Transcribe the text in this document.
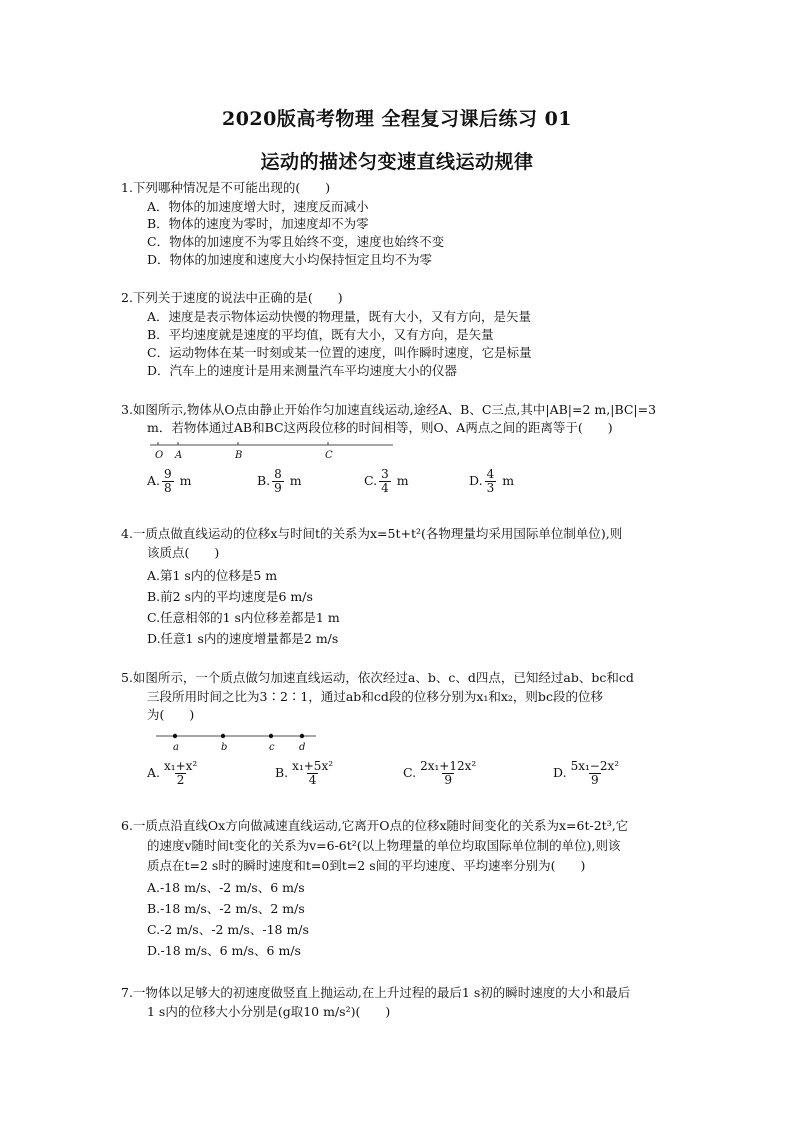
2020版高考物理 全程复习课后练习 01
运动的描述匀变速直线运动规律
1.下列哪种情况是不可能出现的(　　)
A．物体的加速度增大时，速度反而减小
B．物体的速度为零时，加速度却不为零
C．物体的加速度不为零且始终不变，速度也始终不变
D．物体的加速度和速度大小均保持恒定且均不为零
2.下列关于速度的说法中正确的是(　　)
A．速度是表示物体运动快慢的物理量，既有大小，又有方向，是矢量
B．平均速度就是速度的平均值，既有大小，又有方向，是矢量
C．运动物体在某一时刻或某一位置的速度，叫作瞬时速度，它是标量
D．汽车上的速度计是用来测量汽车平均速度大小的仪器
3.如图所示,物体从O点由静止开始作匀加速直线运动,途经A、B、C三点,其中|AB|=2 m,|BC|=3
m．若物体通过AB和BC这两段位移的时间相等，则O、A两点之间的距离等于(　　)
O A	B	C
A. $\frac{9}{8}$ m	B. $\frac{8}{9}$ m	C. $\frac{3}{4}$ m	D. $\frac{4}{3}$ m
4.一质点做直线运动的位移x与时间t的关系为x=5t+t²(各物理量均采用国际单位制单位),则
该质点(　　)
A.第1 s内的位移是5 m
B.前2 s内的平均速度是6 m/s
C.任意相邻的1 s内位移差都是1 m
D.任意1 s内的速度增量都是2 m/s
5.如图所示，一个质点做匀加速直线运动，依次经过a、b、c、d四点，已知经过ab、bc和cd
三段所用时间之比为3∶2∶1，通过ab和cd段的位移分别为x₁和x₂，则bc段的位移
为(　　)
a	b	c d
A. $\frac{\text{x₁+x²}}{2}$	B. $\frac{\text{x₁+5x²}}{4}$	C. $\frac{\text{2x₁+12x²}}{9}$	D. $\frac{\text{5x₁−2x²}}{9}$
6.一质点沿直线Ox方向做减速直线运动,它离开O点的位移x随时间变化的关系为x=6t-2t³,它
的速度v随时间t变化的关系为v=6-6t²(以上物理量的单位均取国际单位制的单位),则该
质点在t=2 s时的瞬时速度和t=0到t=2 s间的平均速度、平均速率分别为(　　)
A.-18 m/s、-2 m/s、6 m/s
B.-18 m/s、-2 m/s、2 m/s
C.-2 m/s、-2 m/s、-18 m/s
D.-18 m/s、6 m/s、6 m/s
7.一物体以足够大的初速度做竖直上抛运动,在上升过程的最后1 s初的瞬时速度的大小和最后
1 s内的位移大小分别是(g取10 m/s²)(　　)
